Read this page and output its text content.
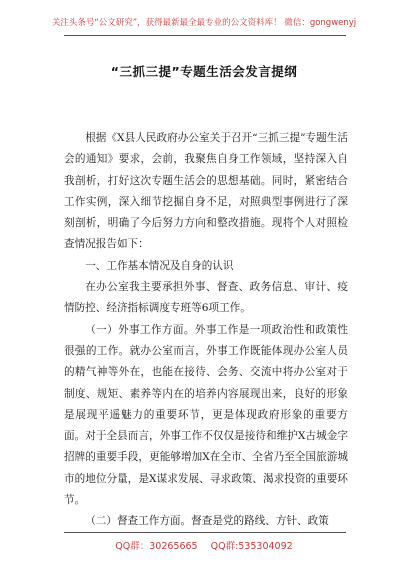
关注头条号“公文研究”，获得最新最全最专业的公文资料库！ 微信：gongwenyj
“三抓三提”专题生活会发言提纲

根据《X县人民政府办公室关于召开“三抓三提”专题生活会的通知》要求，会前，我聚焦自身工作领域，坚持深入自我剖析，打好这次专题生活会的思想基础。同时，紧密结合工作实例，深入细节挖掘自身不足，对照典型事例进行了深刻剖析，明确了今后努力方向和整改措施。现将个人对照检查情况报告如下：

一、工作基本情况及自身的认识

在办公室我主要承担外事、督查、政务信息、审计、疫情防控、经济指标调度专班等6项工作。

（一）外事工作方面。外事工作是一项政治性和政策性很强的工作。就办公室而言，外事工作既能体现办公室人员的精气神等外在，也能在接待、会务、交流中将办公室对于制度、规矩、素养等内在的培养内容展现出来，良好的形象是展现平遥魅力的重要环节，更是体现政府形象的重要方面。对于全县而言，外事工作不仅仅是接待和维护X古城金字招牌的重要手段，更能够增加X在全市、全省乃至全国旅游城市的地位分量，是X谋求发展、寻求政策、渴求投资的重要环节。

（二）督查工作方面。督查是党的路线、方针、政策

QQ群：30265665 QQ群:535304092
